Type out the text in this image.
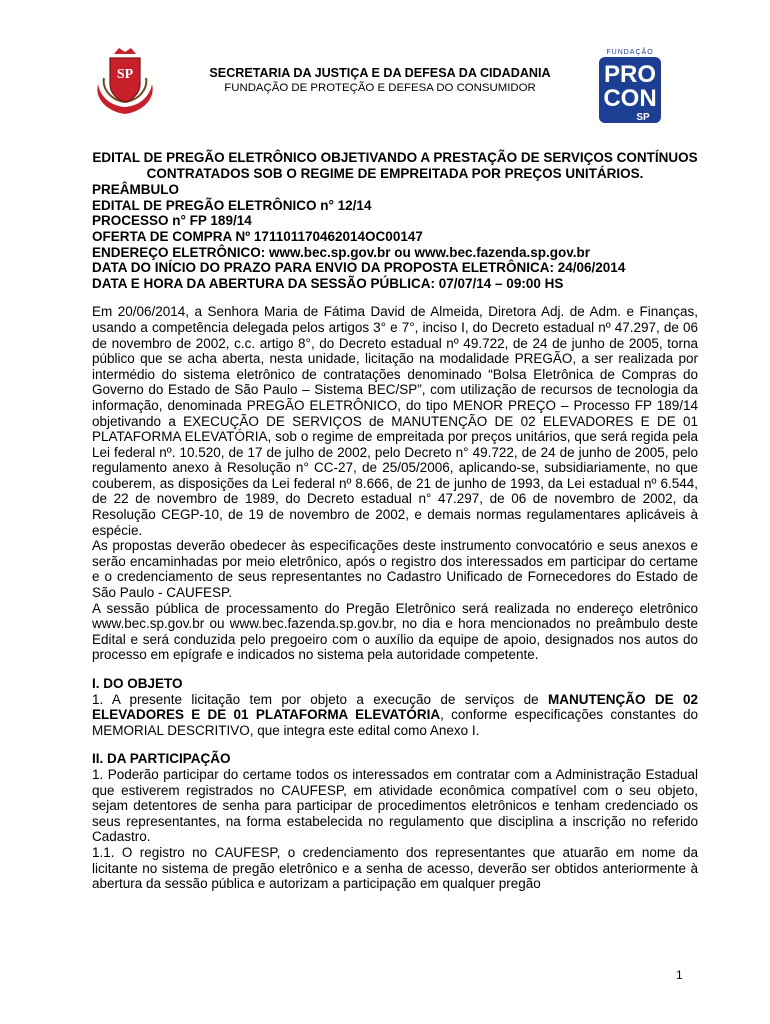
SP	SECRETARIA DA JUSTIÇA E DA DEFESA DA CIDADANIA
FUNDAÇÃO DE PROTEÇÃO E DEFESA DO CONSUMIDOR
FUNDAÇÃO
PRO
CON
SP

EDITAL DE PREGÃO ELETRÔNICO OBJETIVANDO A PRESTAÇÃO DE SERVIÇOS CONTÍNUOS CONTRATADOS SOB O REGIME DE EMPREITADA POR PREÇOS UNITÁRIOS.

PREÂMBULO

EDITAL DE PREGÃO ELETRÔNICO n° 12/14

PROCESSO n° FP 189/14

OFERTA DE COMPRA Nº 171101170462014OC00147

ENDEREÇO ELETRÔNICO: www.bec.sp.gov.br ou www.bec.fazenda.sp.gov.br

DATA DO INÍCIO DO PRAZO PARA ENVIO DA PROPOSTA ELETRÔNICA: 24/06/2014

DATA E HORA DA ABERTURA DA SESSÃO PÚBLICA: 07/07/14 – 09:00 HS

Em 20/06/2014, a Senhora Maria de Fátima David de Almeida, Diretora Adj. de Adm. e Finanças, usando a competência delegada pelos artigos 3° e 7°, inciso I, do Decreto estadual nº 47.297, de 06 de novembro de 2002, c.c. artigo 8°, do Decreto estadual nº 49.722, de 24 de junho de 2005, torna público que se acha aberta, nesta unidade, licitação na modalidade PREGÃO, a ser realizada por intermédio do sistema eletrônico de contratações denominado “Bolsa Eletrônica de Compras do Governo do Estado de São Paulo – Sistema BEC/SP”, com utilização de recursos de tecnologia da informação, denominada PREGÃO ELETRÔNICO, do tipo MENOR PREÇO – Processo FP 189/14 objetivando a EXECUÇÃO DE SERVIÇOS de MANUTENÇÃO DE 02 ELEVADORES E DE 01 PLATAFORMA ELEVATÓRIA, sob o regime de empreitada por preços unitários, que será regida pela Lei federal nº. 10.520, de 17 de julho de 2002, pelo Decreto n° 49.722, de 24 de junho de 2005, pelo regulamento anexo à Resolução n° CC-27, de 25/05/2006, aplicando-se, subsidiariamente, no que couberem, as disposições da Lei federal nº 8.666, de 21 de junho de 1993, da Lei estadual nº 6.544, de 22 de novembro de 1989, do Decreto estadual n° 47.297, de 06 de novembro de 2002, da Resolução CEGP-10, de 19 de novembro de 2002, e demais normas regulamentares aplicáveis à espécie.

As propostas deverão obedecer às especificações deste instrumento convocatório e seus anexos e serão encaminhadas por meio eletrônico, após o registro dos interessados em participar do certame e o credenciamento de seus representantes no Cadastro Unificado de Fornecedores do Estado de São Paulo - CAUFESP.

A sessão pública de processamento do Pregão Eletrônico será realizada no endereço eletrônico www.bec.sp.gov.br ou www.bec.fazenda.sp.gov.br, no dia e hora mencionados no preâmbulo deste Edital e será conduzida pelo pregoeiro com o auxílio da equipe de apoio, designados nos autos do processo em epígrafe e indicados no sistema pela autoridade competente.

I. DO OBJETO

1. A presente licitação tem por objeto a execução de serviços de MANUTENÇÃO DE 02 ELEVADORES E DE 01 PLATAFORMA ELEVATÓRIA, conforme especificações constantes do MEMORIAL DESCRITIVO, que integra este edital como Anexo I.

II. DA PARTICIPAÇÃO

1. Poderão participar do certame todos os interessados em contratar com a Administração Estadual que estiverem registrados no CAUFESP, em atividade econômica compatível com o seu objeto, sejam detentores de senha para participar de procedimentos eletrônicos e tenham credenciado os seus representantes, na forma estabelecida no regulamento que disciplina a inscrição no referido Cadastro.

1.1. O registro no CAUFESP, o credenciamento dos representantes que atuarão em nome da licitante no sistema de pregão eletrônico e a senha de acesso, deverão ser obtidos anteriormente à abertura da sessão pública e autorizam a participação em qualquer pregão

1
